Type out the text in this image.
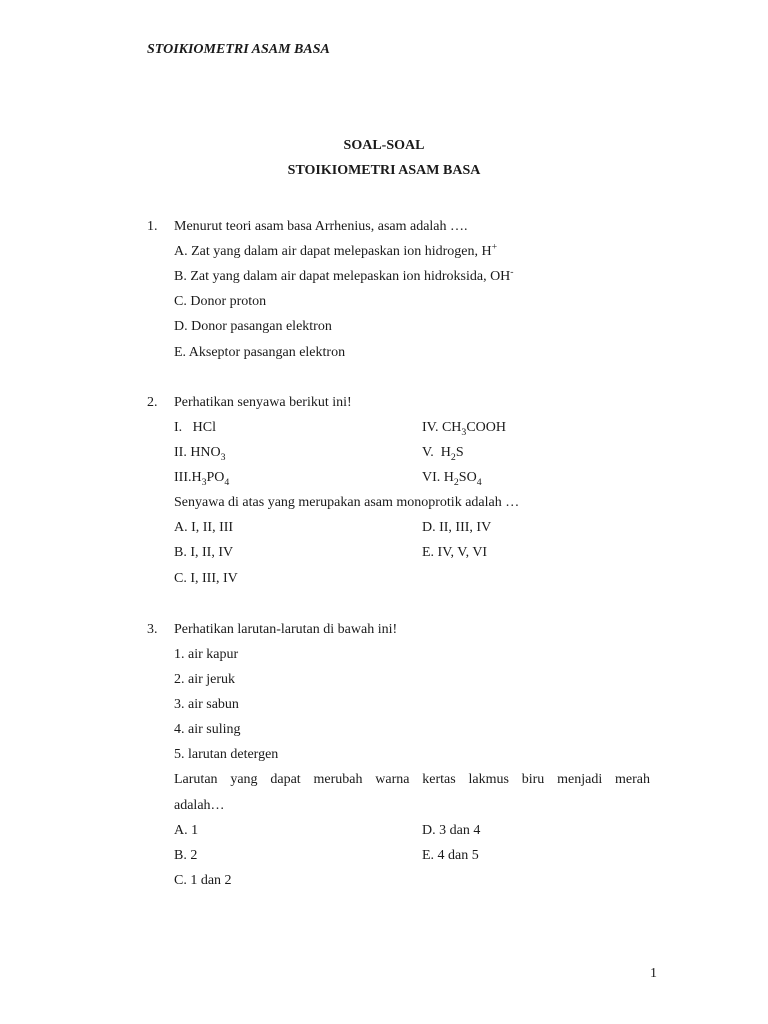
STOIKIOMETRI ASAM BASA
SOAL-SOAL
STOIKIOMETRI ASAM BASA
1. Menurut teori asam basa Arrhenius, asam adalah ….
A. Zat yang dalam air dapat melepaskan ion hidrogen, H+
B. Zat yang dalam air dapat melepaskan ion hidroksida, OH-
C. Donor proton
D. Donor pasangan elektron
E. Akseptor pasangan elektron
2. Perhatikan senyawa berikut ini!
I.   HCl	IV. $CH_3COOH$
II. $HNO_3$	V.  $H_2S$
$III.H_3PO_4$	VI. $H_2SO_4$
Senyawa di atas yang merupakan asam monoprotik adalah …
A. I, II, III	D. II, III, IV
B. I, II, IV	E. IV, V, VI
C. I, III, IV
3. Perhatikan larutan-larutan di bawah ini!
1. air kapur
2. air jeruk
3. air sabun
4. air suling
5. larutan detergen
Larutan yang dapat merubah warna kertas lakmus biru menjadi merah
adalah…
A. 1	D. 3 dan 4
B. 2	E. 4 dan 5
C. 1 dan 2
1
